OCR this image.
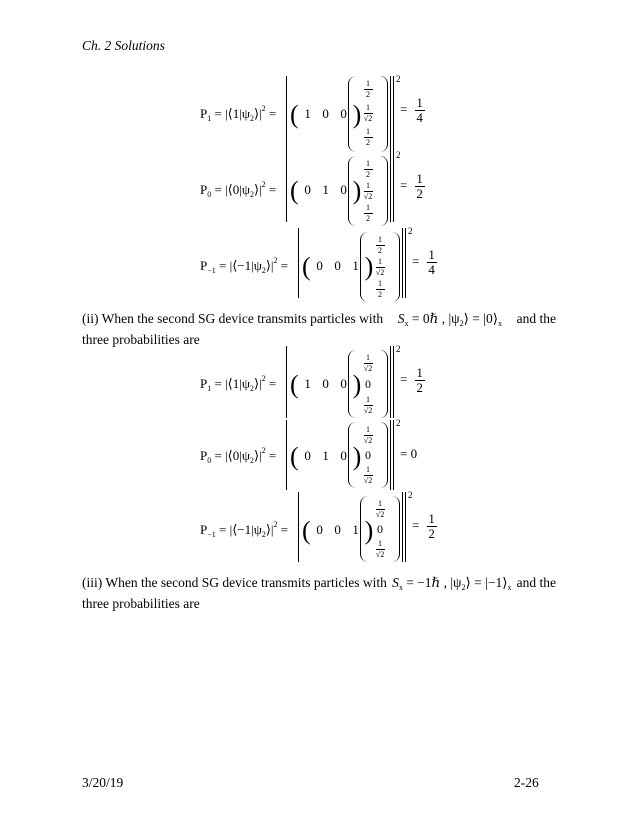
Ch. 2 Solutions
$P_1$ = $|⟨1|\psi_2⟩|^2$ = ( 1 0 0 )
1
2
1
√2
1
2
2
= $\frac{1}{4}$
$P_0$ = $|⟨0|\psi_2⟩|^2$ = ( 0 1 0 )
1
2
1
√2
1
2
2
= $\frac{1}{2}$
$P_{-1}$ = $|⟨-1|\psi_2⟩|^2$ = ( 0 0 1 )
1
2
1
√2
1
2
2
= $\frac{1}{4}$
(ii) When the second SG device transmits particles with $S_x$ = 0ℏ , $|\psi_2⟩$ = $|0⟩_x$ and the
three probabilities are
$P_1$ = $|⟨1|\psi_2⟩|^2$ = ( 1 0 0 )
1
√2
0
1
√2
2
= $\frac{1}{2}$
$P_0$ = $|⟨0|\psi_2⟩|^2$ = ( 0 1 0 )
1
√2
0
1
√2
2
= 0
$P_{-1}$ = $|⟨-1|\psi_2⟩|^2$ = ( 0 0 1 )
1
√2
0
1
√2
2
= $\frac{1}{2}$
(iii) When the second SG device transmits particles with $S_x$ = −1ℏ , $|\psi_2⟩$ = $|-1⟩_x$ and the
three probabilities are
3/20/19	2-26
